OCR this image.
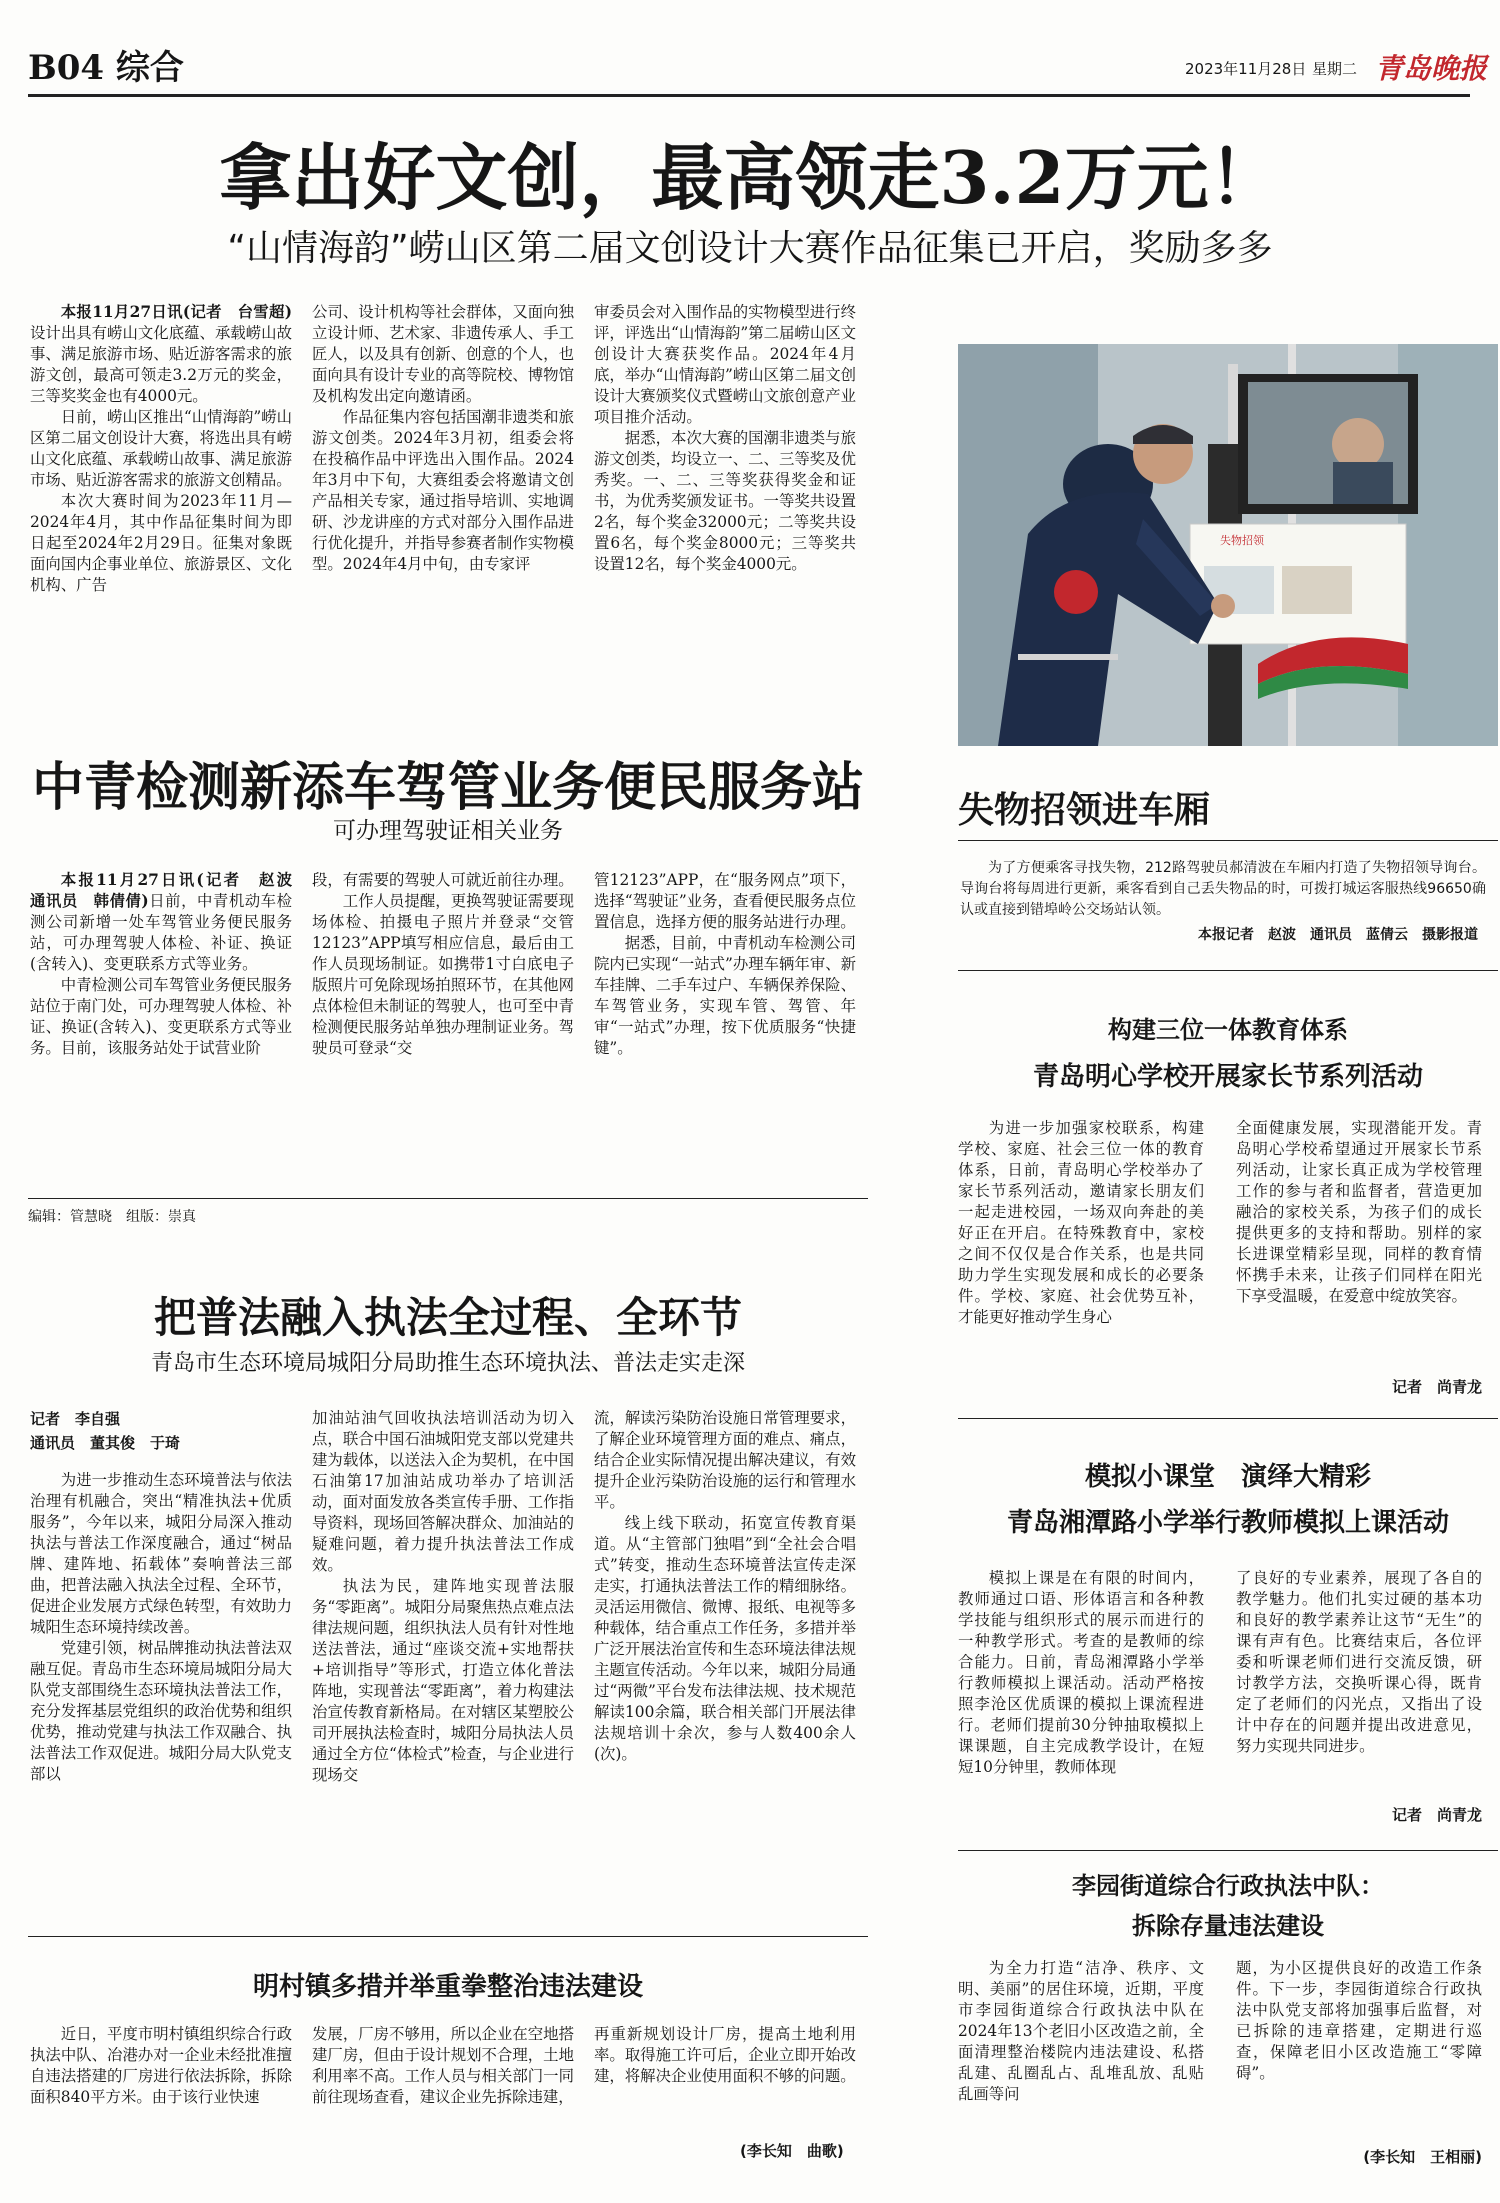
B04 综合	2023年11月28日 星期二 青岛晚报
拿出好文创，最高领走3.2万元！
“山情海韵”崂山区第二届文创设计大赛作品征集已开启，奖励多多

本报11月27日讯(记者　台雪超)设计出具有崂山文化底蕴、承载崂山故事、满足旅游市场、贴近游客需求的旅游文创，最高可领走3.2万元的奖金，三等奖奖金也有4000元。

日前，崂山区推出“山情海韵”崂山区第二届文创设计大赛，将选出具有崂山文化底蕴、承载崂山故事、满足旅游市场、贴近游客需求的旅游文创精品。

本次大赛时间为2023年11月—2024年4月，其中作品征集时间为即日起至2024年2月29日。征集对象既面向国内企事业单位、旅游景区、文化机构、广告

公司、设计机构等社会群体，又面向独立设计师、艺术家、非遗传承人、手工匠人，以及具有创新、创意的个人，也面向具有设计专业的高等院校、博物馆及机构发出定向邀请函。

作品征集内容包括国潮非遗类和旅游文创类。2024年3月初，组委会将在投稿作品中评选出入围作品。2024年3月中下旬，大赛组委会将邀请文创产品相关专家，通过指导培训、实地调研、沙龙讲座的方式对部分入围作品进行优化提升，并指导参赛者制作实物模型。2024年4月中旬，由专家评

审委员会对入围作品的实物模型进行终评，评选出“山情海韵”第二届崂山区文创设计大赛获奖作品。2024年4月底，举办“山情海韵”崂山区第二届文创设计大赛颁奖仪式暨崂山文旅创意产业项目推介活动。

据悉，本次大赛的国潮非遗类与旅游文创类，均设立一、二、三等奖及优秀奖。一、二、三等奖获得奖金和证书，为优秀奖颁发证书。一等奖共设置2名，每个奖金32000元；二等奖共设置6名，每个奖金8000元；三等奖共设置12名，每个奖金4000元。

中青检测新添车驾管业务便民服务站
可办理驾驶证相关业务

本报11月27日讯(记者　赵波　通讯员　韩倩倩)日前，中青机动车检测公司新增一处车驾管业务便民服务站，可办理驾驶人体检、补证、换证(含转入)、变更联系方式等业务。

中青检测公司车驾管业务便民服务站位于南门处，可办理驾驶人体检、补证、换证(含转入)、变更联系方式等业务。目前，该服务站处于试营业阶

段，有需要的驾驶人可就近前往办理。

工作人员提醒，更换驾驶证需要现场体检、拍摄电子照片并登录“交管12123”APP填写相应信息，最后由工作人员现场制证。如携带1寸白底电子版照片可免除现场拍照环节，在其他网点体检但未制证的驾驶人，也可至中青检测便民服务站单独办理制证业务。驾驶员可登录“交

管12123”APP，在“服务网点”项下，选择“驾驶证”业务，查看便民服务点位置信息，选择方便的服务站进行办理。

据悉，目前，中青机动车检测公司院内已实现“一站式”办理车辆年审、新车挂牌、二手车过户、车辆保养保险、车驾管业务，实现车管、驾管、年审“一站式”办理，按下优质服务“快捷键”。

编辑：管慧晓　组版：崇真
失物招领
失物招领进车厢

为了方便乘客寻找失物，212路驾驶员郝清波在车厢内打造了失物招领导询台。导询台将每周进行更新，乘客看到自己丢失物品的时，可拨打城运客服热线96650确认或直接到错埠岭公交场站认领。

本报记者　赵波　通讯员　蓝倩云　摄影报道
构建三位一体教育体系
青岛明心学校开展家长节系列活动

为进一步加强家校联系，构建学校、家庭、社会三位一体的教育体系，日前，青岛明心学校举办了家长节系列活动，邀请家长朋友们一起走进校园，一场双向奔赴的美好正在开启。在特殊教育中，家校之间不仅仅是合作关系，也是共同助力学生实现发展和成长的必要条件。学校、家庭、社会优势互补，才能更好推动学生身心

全面健康发展，实现潜能开发。青岛明心学校希望通过开展家长节系列活动，让家长真正成为学校管理工作的参与者和监督者，营造更加融洽的家校关系，为孩子们的成长提供更多的支持和帮助。别样的家长进课堂精彩呈现，同样的教育情怀携手未来，让孩子们同样在阳光下享受温暖，在爱意中绽放笑容。

记者　尚青龙
把普法融入执法全过程、全环节
青岛市生态环境局城阳分局助推生态环境执法、普法走实走深
记者　李自强
通讯员　董其俊　于琦

为进一步推动生态环境普法与依法治理有机融合，突出“精准执法+优质服务”，今年以来，城阳分局深入推动执法与普法工作深度融合，通过“树品牌、建阵地、拓载体”奏响普法三部曲，把普法融入执法全过程、全环节，促进企业发展方式绿色转型，有效助力城阳生态环境持续改善。

党建引领，树品牌推动执法普法双融互促。青岛市生态环境局城阳分局大队党支部围绕生态环境执法普法工作，充分发挥基层党组织的政治优势和组织优势，推动党建与执法工作双融合、执法普法工作双促进。城阳分局大队党支部以

加油站油气回收执法培训活动为切入点，联合中国石油城阳党支部以党建共建为载体，以送法入企为契机，在中国石油第17加油站成功举办了培训活动，面对面发放各类宣传手册、工作指导资料，现场回答解决群众、加油站的疑难问题，着力提升执法普法工作成效。

执法为民，建阵地实现普法服务“零距离”。城阳分局聚焦热点难点法律法规问题，组织执法人员有针对性地送法普法，通过“座谈交流+实地帮扶+培训指导”等形式，打造立体化普法阵地，实现普法“零距离”，着力构建法治宣传教育新格局。在对辖区某塑胶公司开展执法检查时，城阳分局执法人员通过全方位“体检式”检查，与企业进行现场交

流，解读污染防治设施日常管理要求，了解企业环境管理方面的难点、痛点，结合企业实际情况提出解决建议，有效提升企业污染防治设施的运行和管理水平。

线上线下联动，拓宽宣传教育渠道。从“主管部门独唱”到“全社会合唱式”转变，推动生态环境普法宣传走深走实，打通执法普法工作的精细脉络。灵活运用微信、微博、报纸、电视等多种载体，结合重点工作任务，多措并举广泛开展法治宣传和生态环境法律法规主题宣传活动。今年以来，城阳分局通过“两微”平台发布法律法规、技术规范解读100余篇，联合相关部门开展法律法规培训十余次，参与人数400余人(次)。

模拟小课堂　演绎大精彩
青岛湘潭路小学举行教师模拟上课活动

模拟上课是在有限的时间内，教师通过口语、形体语言和各种教学技能与组织形式的展示而进行的一种教学形式。考查的是教师的综合能力。日前，青岛湘潭路小学举行教师模拟上课活动。活动严格按照李沧区优质课的模拟上课流程进行。老师们提前30分钟抽取模拟上课课题，自主完成教学设计，在短短10分钟里，教师体现

了良好的专业素养，展现了各自的教学魅力。他们扎实过硬的基本功和良好的教学素养让这节“无生”的课有声有色。比赛结束后，各位评委和听课老师们进行交流反馈，研讨教学方法，交换听课心得，既肯定了老师们的闪光点，又指出了设计中存在的问题并提出改进意见，努力实现共同进步。

记者　尚青龙
明村镇多措并举重拳整治违法建设

近日，平度市明村镇组织综合行政执法中队、冶港办对一企业未经批准擅自违法搭建的厂房进行依法拆除，拆除面积840平方米。由于该行业快速

发展，厂房不够用，所以企业在空地搭建厂房，但由于设计规划不合理，土地利用率不高。工作人员与相关部门一同前往现场查看，建议企业先拆除违建，

再重新规划设计厂房，提高土地利用率。取得施工许可后，企业立即开始改建，将解决企业使用面积不够的问题。

(李长知　曲歌)
李园街道综合行政执法中队：
拆除存量违法建设

为全力打造“洁净、秩序、文明、美丽”的居住环境，近期，平度市李园街道综合行政执法中队在2024年13个老旧小区改造之前，全面清理整治楼院内违法建设、私搭乱建、乱圈乱占、乱堆乱放、乱贴乱画等问

题，为小区提供良好的改造工作条件。下一步，李园街道综合行政执法中队党支部将加强事后监督，对已拆除的违章搭建，定期进行巡查，保障老旧小区改造施工“零障碍”。

(李长知　王相丽)
